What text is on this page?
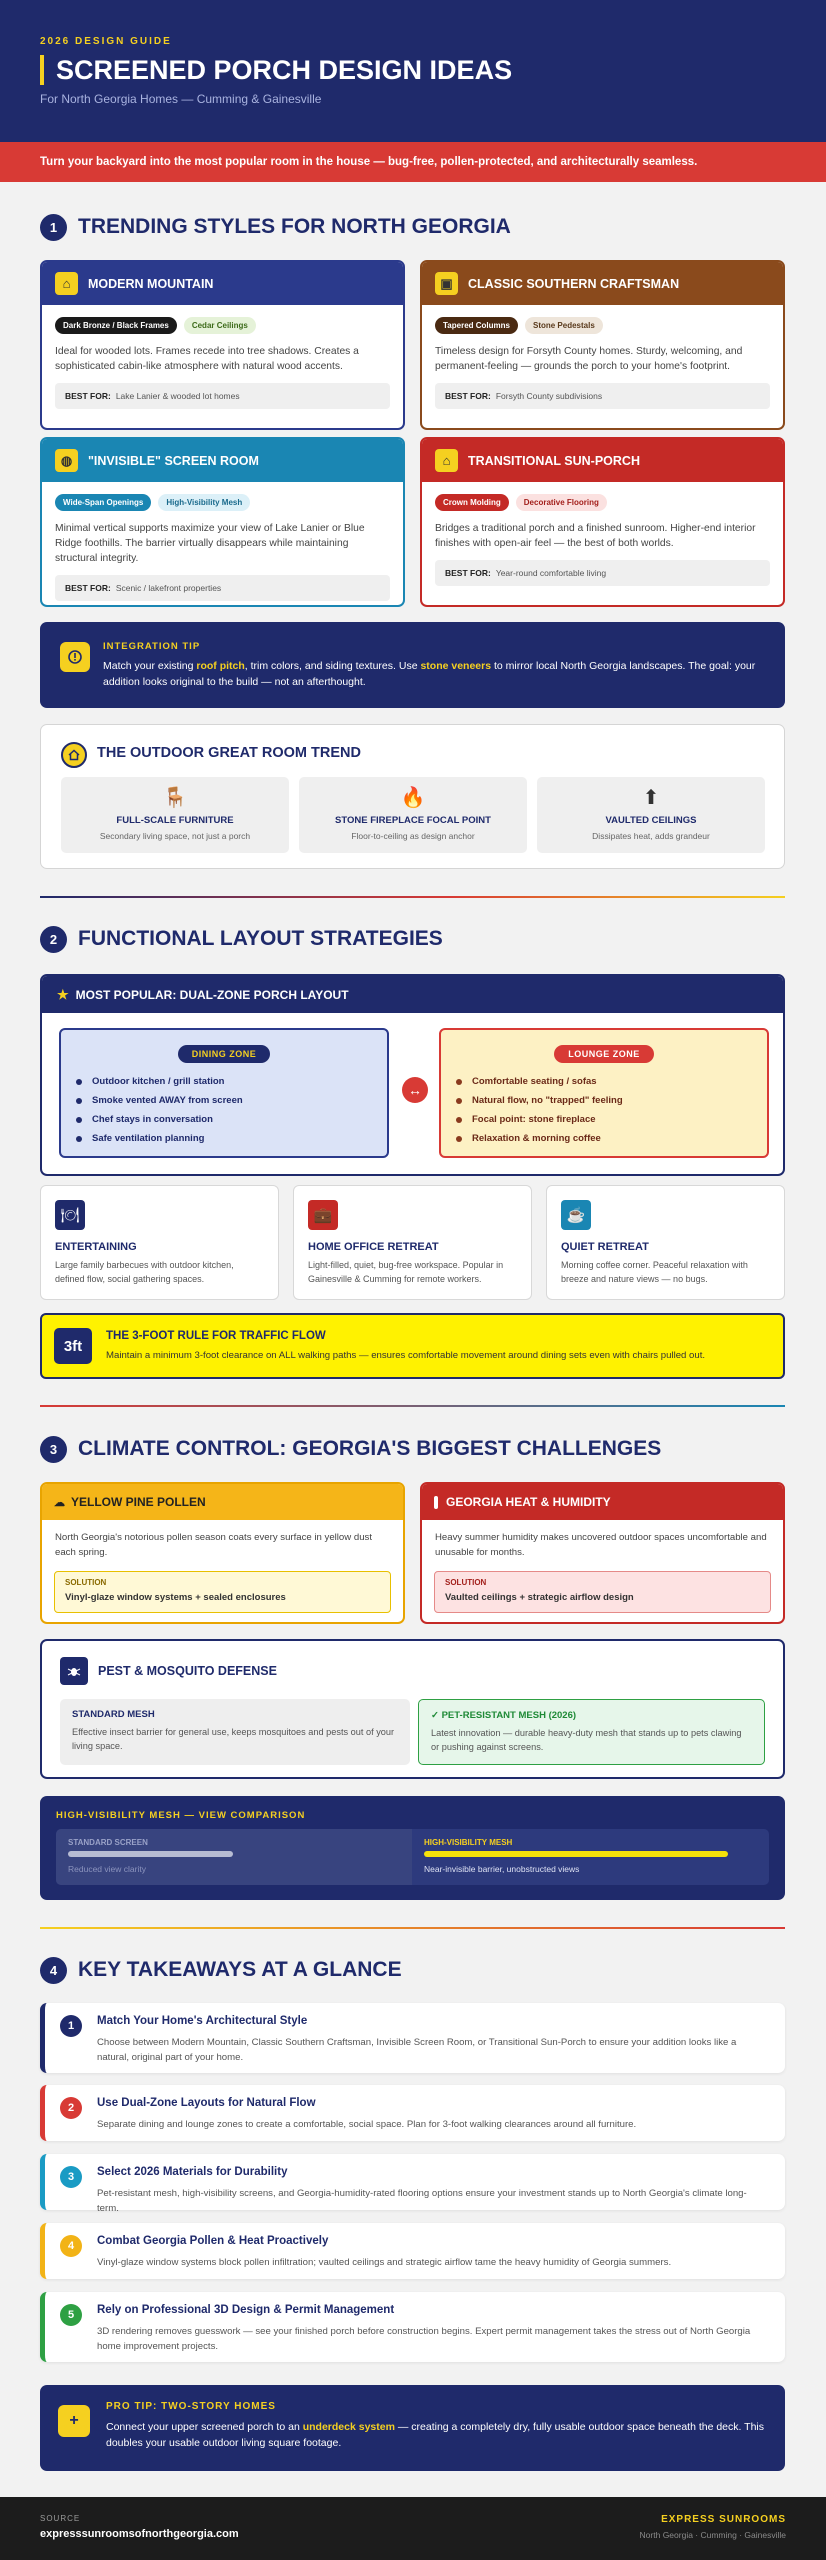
2026 DESIGN GUIDE
SCREENED PORCH DESIGN IDEAS
For North Georgia Homes — Cumming & Gainesville
Turn your backyard into the most popular room in the house — bug-free, pollen-protected, and architecturally seamless.
1 TRENDING STYLES FOR NORTH GEORGIA
⌂	MODERN MOUNTAIN
Dark Bronze / Black Frames	Cedar Ceilings

Ideal for wooded lots. Frames recede into tree shadows. Creates a sophisticated cabin-like atmosphere with natural wood accents.

BEST FOR: Lake Lanier & wooded lot homes
▣	CLASSIC SOUTHERN CRAFTSMAN
Tapered Columns	Stone Pedestals

Timeless design for Forsyth County homes. Sturdy, welcoming, and permanent-feeling — grounds the porch to your home's footprint.

BEST FOR: Forsyth County subdivisions
◍	"INVISIBLE" SCREEN ROOM
Wide-Span Openings	High-Visibility Mesh

Minimal vertical supports maximize your view of Lake Lanier or Blue Ridge foothills. The barrier virtually disappears while maintaining structural integrity.

BEST FOR: Scenic / lakefront properties
⌂	TRANSITIONAL SUN-PORCH
Crown Molding	Decorative Flooring

Bridges a traditional porch and a finished sunroom. Higher-end interior finishes with open-air feel — the best of both worlds.

BEST FOR: Year-round comfortable living
INTEGRATION TIP
Match your existing roof pitch, trim colors, and siding textures. Use stone veneers to mirror local North Georgia landscapes. The goal: your addition looks original to the build — not an afterthought.
THE OUTDOOR GREAT ROOM TREND
🪑
FULL-SCALE FURNITURE
Secondary living space, not just a porch
🔥
STONE FIREPLACE FOCAL POINT
Floor-to-ceiling as design anchor
⬆
VAULTED CEILINGS
Dissipates heat, adds grandeur
2 FUNCTIONAL LAYOUT STRATEGIES
★ MOST POPULAR: DUAL-ZONE PORCH LAYOUT
DINING ZONE
Outdoor kitchen / grill station
Smoke vented AWAY from screen
Chef stays in conversation
Safe ventilation planning
↔
LOUNGE ZONE
Comfortable seating / sofas
Natural flow, no "trapped" feeling
Focal point: stone fireplace
Relaxation & morning coffee
🍽
ENTERTAINING
Large family barbecues with outdoor kitchen, defined flow, social gathering spaces.
💼
HOME OFFICE RETREAT
Light-filled, quiet, bug-free workspace. Popular in Gainesville & Cumming for remote workers.
☕
QUIET RETREAT
Morning coffee corner. Peaceful relaxation with breeze and nature views — no bugs.
3ft
THE 3-FOOT RULE FOR TRAFFIC FLOW
Maintain a minimum 3-foot clearance on ALL walking paths — ensures comfortable movement around dining sets even with chairs pulled out.
3 CLIMATE CONTROL: GEORGIA'S BIGGEST CHALLENGES
☁ YELLOW PINE POLLEN
North Georgia's notorious pollen season coats every surface in yellow dust each spring.
SOLUTION
Vinyl-glaze window systems + sealed enclosures
GEORGIA HEAT & HUMIDITY
Heavy summer humidity makes uncovered outdoor spaces uncomfortable and unusable for months.
SOLUTION
Vaulted ceilings + strategic airflow design
PEST & MOSQUITO DEFENSE
STANDARD MESH
Effective insect barrier for general use, keeps mosquitoes and pests out of your living space.
✓ PET-RESISTANT MESH (2026)
Latest innovation — durable heavy-duty mesh that stands up to pets clawing or pushing against screens.
HIGH-VISIBILITY MESH — VIEW COMPARISON
STANDARD SCREEN
Reduced view clarity
HIGH-VISIBILITY MESH
Near-invisible barrier, unobstructed views
4 KEY TAKEAWAYS AT A GLANCE
1	Match Your Home's Architectural Style
Choose between Modern Mountain, Classic Southern Craftsman, Invisible Screen Room, or Transitional Sun-Porch to ensure your addition looks like a natural, original part of your home.
2	Use Dual-Zone Layouts for Natural Flow
Separate dining and lounge zones to create a comfortable, social space. Plan for 3-foot walking clearances around all furniture.
3	Select 2026 Materials for Durability
Pet-resistant mesh, high-visibility screens, and Georgia-humidity-rated flooring options ensure your investment stands up to North Georgia's climate long-term.
4	Combat Georgia Pollen & Heat Proactively
Vinyl-glaze window systems block pollen infiltration; vaulted ceilings and strategic airflow tame the heavy humidity of Georgia summers.
5	Rely on Professional 3D Design & Permit Management
3D rendering removes guesswork — see your finished porch before construction begins. Expert permit management takes the stress out of North Georgia home improvement projects.
+
PRO TIP: TWO-STORY HOMES
Connect your upper screened porch to an underdeck system — creating a completely dry, fully usable outdoor space beneath the deck. This doubles your usable outdoor living square footage.
SOURCE
expresssunroomsofnorthgeorgia.com
EXPRESS SUNROOMS
North Georgia · Cumming · Gainesville
